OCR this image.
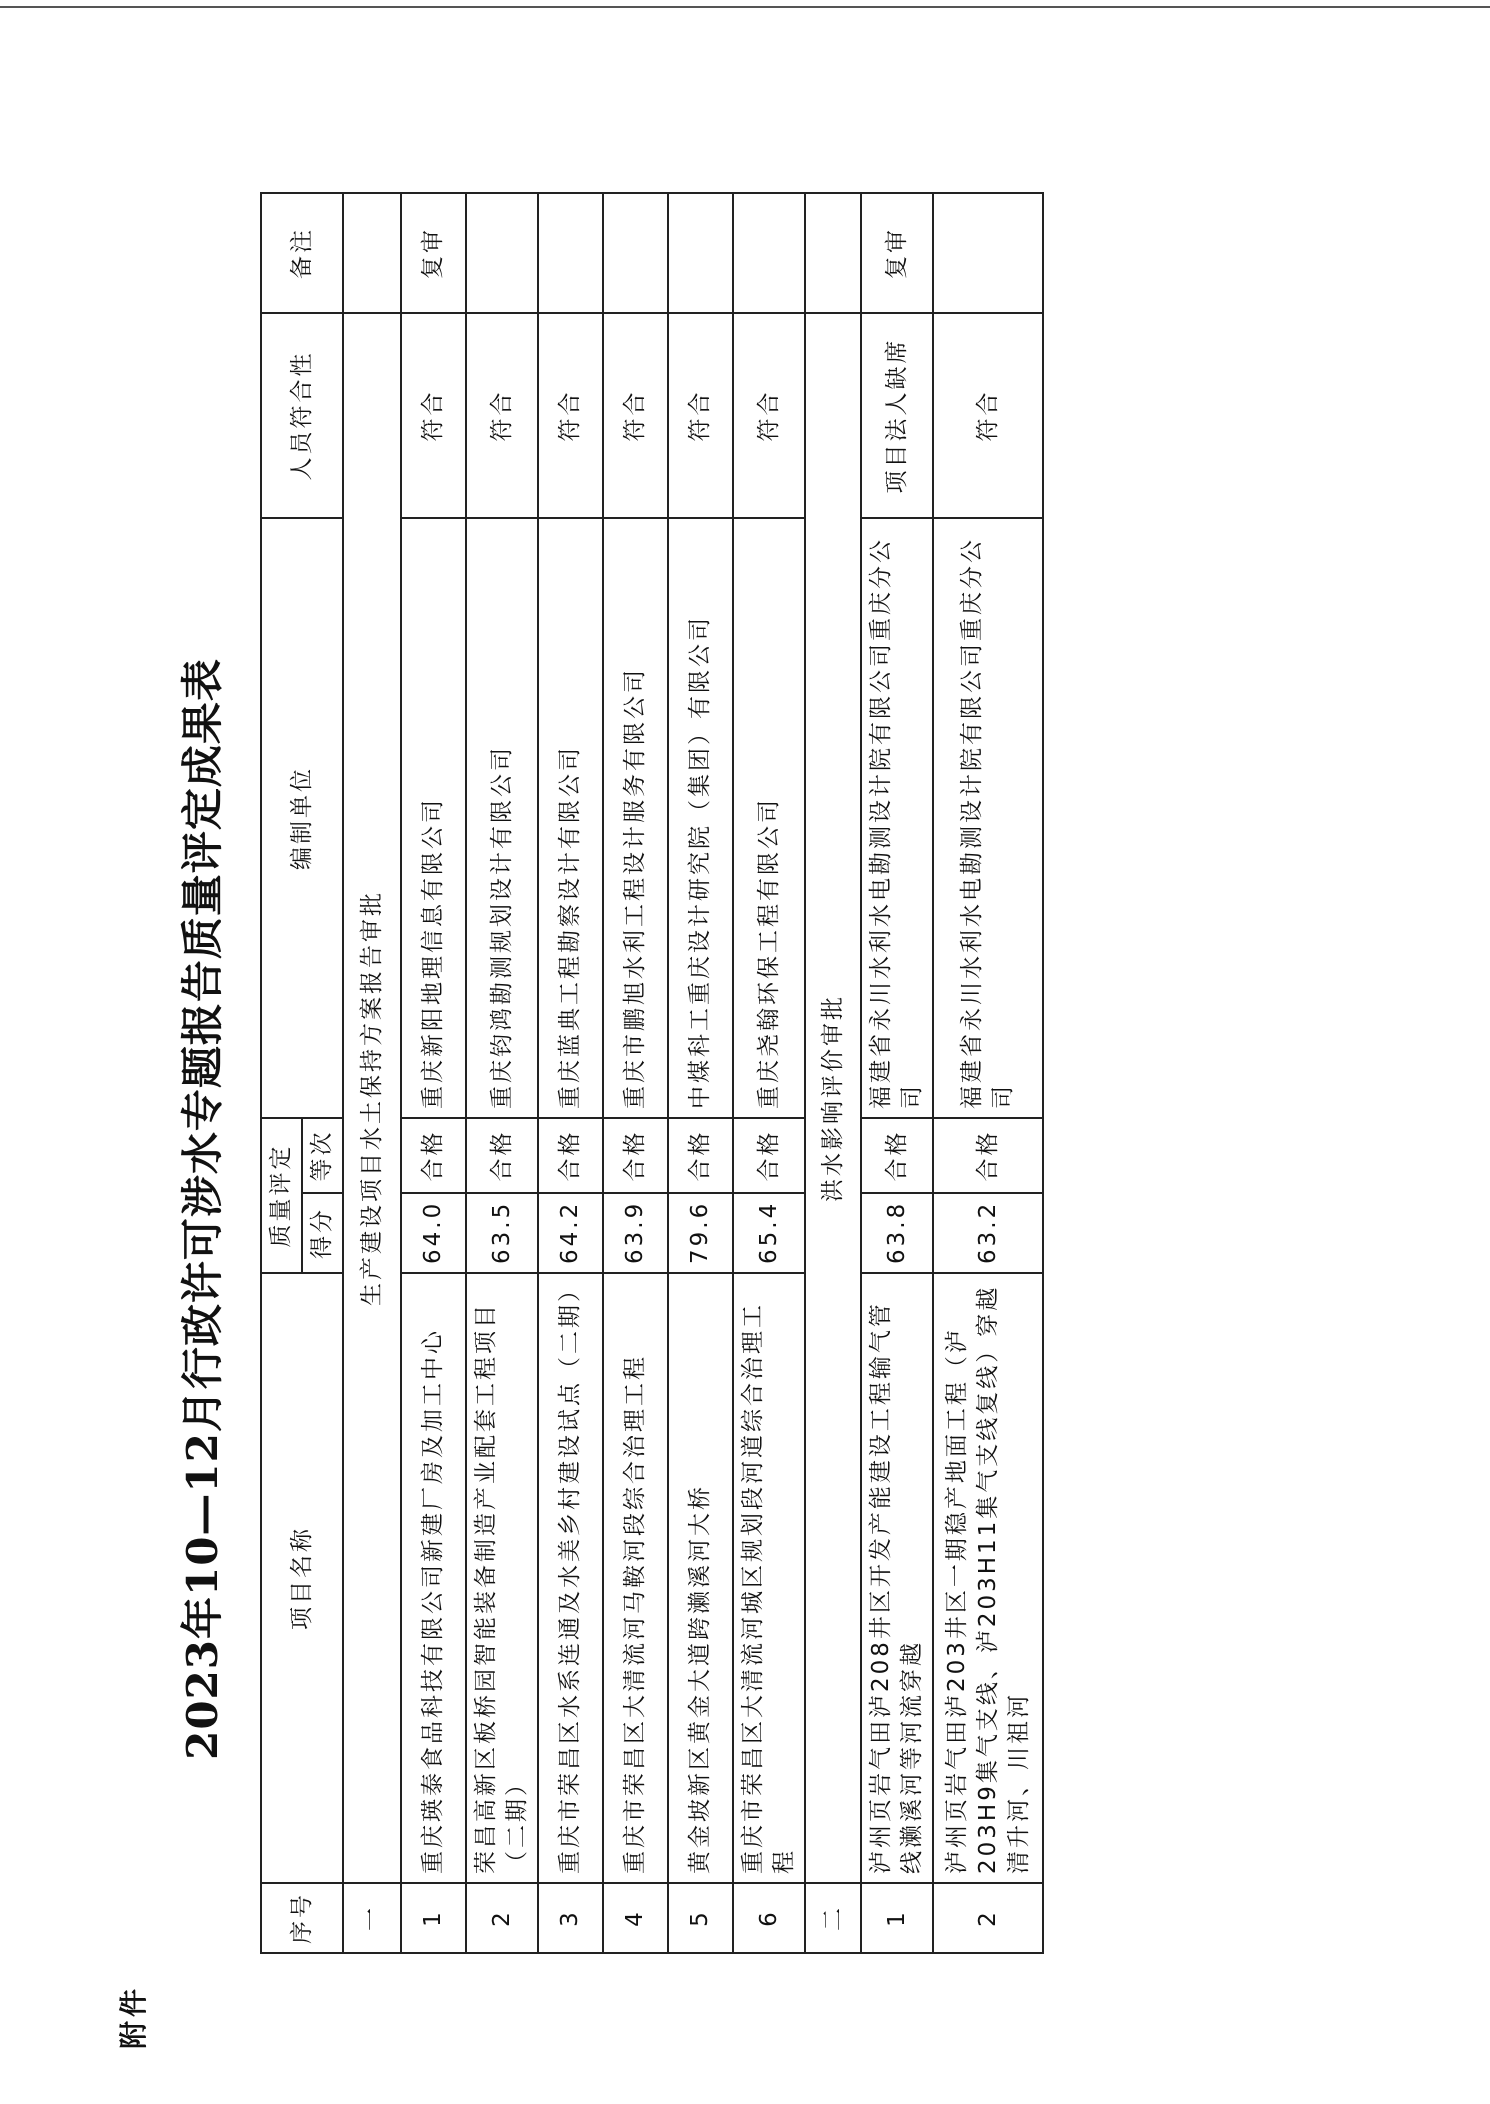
附件
2023年10—12月行政许可涉水专题报告质量评定成果表
序号	项目名称	质量评定		编制单位	人员符合性	备注
		得分	等次			
一	生产建设项目水土保持方案报告审批					
1	重庆瑛泰食品科技有限公司新建厂房及加工中心	64.0	合格	重庆新阳地理信息有限公司	符合	复审
2	荣昌高新区板桥园智能装备制造产业配套工程项目（二期）	63.5	合格	重庆钧鸿勘测规划设计有限公司	符合	
3	重庆市荣昌区水系连通及水美乡村建设试点（二期）	64.2	合格	重庆蓝典工程勘察设计有限公司	符合	
4	重庆市荣昌区大清流河马鞍河段综合治理工程	63.9	合格	重庆市鹏旭水利工程设计服务有限公司	符合	
5	黄金坡新区黄金大道跨濑溪河大桥	79.6	合格	中煤科工重庆设计研究院（集团）有限公司	符合	
6	重庆市荣昌区大清流河城区规划段河道综合治理工程	65.4	合格	重庆尧翰环保工程有限公司	符合	
二	洪水影响评价审批					
1	泸州页岩气田泸208井区开发产能建设工程输气管线濑溪河等河流穿越	63.8	合格	福建省永川水利水电勘测设计院有限公司重庆分公司	项目法人缺席	复审
2	泸州页岩气田泸203井区一期稳产地面工程（泸203H9集气支线、泸203H11集气支线复线）穿越清升河、川祖河	63.2	合格	福建省永川水利水电勘测设计院有限公司重庆分公司	符合	
